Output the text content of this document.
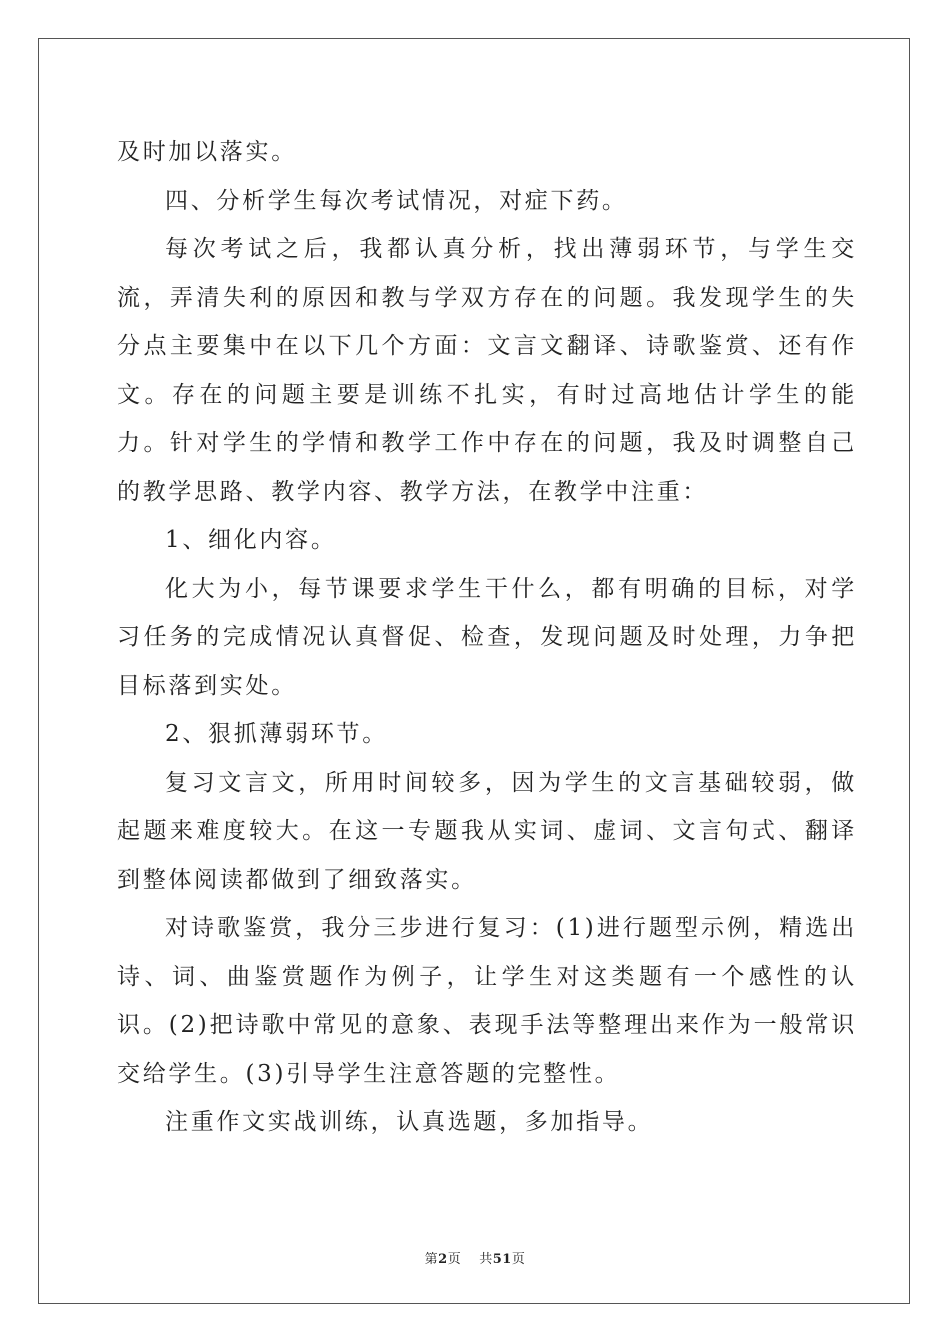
及时加以落实。

四、分析学生每次考试情况，对症下药。

每次考试之后，我都认真分析，找出薄弱环节，与学生交流，弄清失利的原因和教与学双方存在的问题。我发现学生的失分点主要集中在以下几个方面：文言文翻译、诗歌鉴赏、还有作文。存在的问题主要是训练不扎实，有时过高地估计学生的能力。针对学生的学情和教学工作中存在的问题，我及时调整自己的教学思路、教学内容、教学方法，在教学中注重：

1、细化内容。

化大为小，每节课要求学生干什么，都有明确的目标，对学习任务的完成情况认真督促、检查，发现问题及时处理，力争把目标落到实处。

2、狠抓薄弱环节。

复习文言文，所用时间较多，因为学生的文言基础较弱，做起题来难度较大。在这一专题我从实词、虚词、文言句式、翻译到整体阅读都做到了细致落实。

对诗歌鉴赏，我分三步进行复习：(1)进行题型示例，精选出诗、词、曲鉴赏题作为例子，让学生对这类题有一个感性的认识。(2)把诗歌中常见的意象、表现手法等整理出来作为一般常识交给学生。(3)引导学生注意答题的完整性。

注重作文实战训练，认真选题，多加指导。

第2页 共51页
